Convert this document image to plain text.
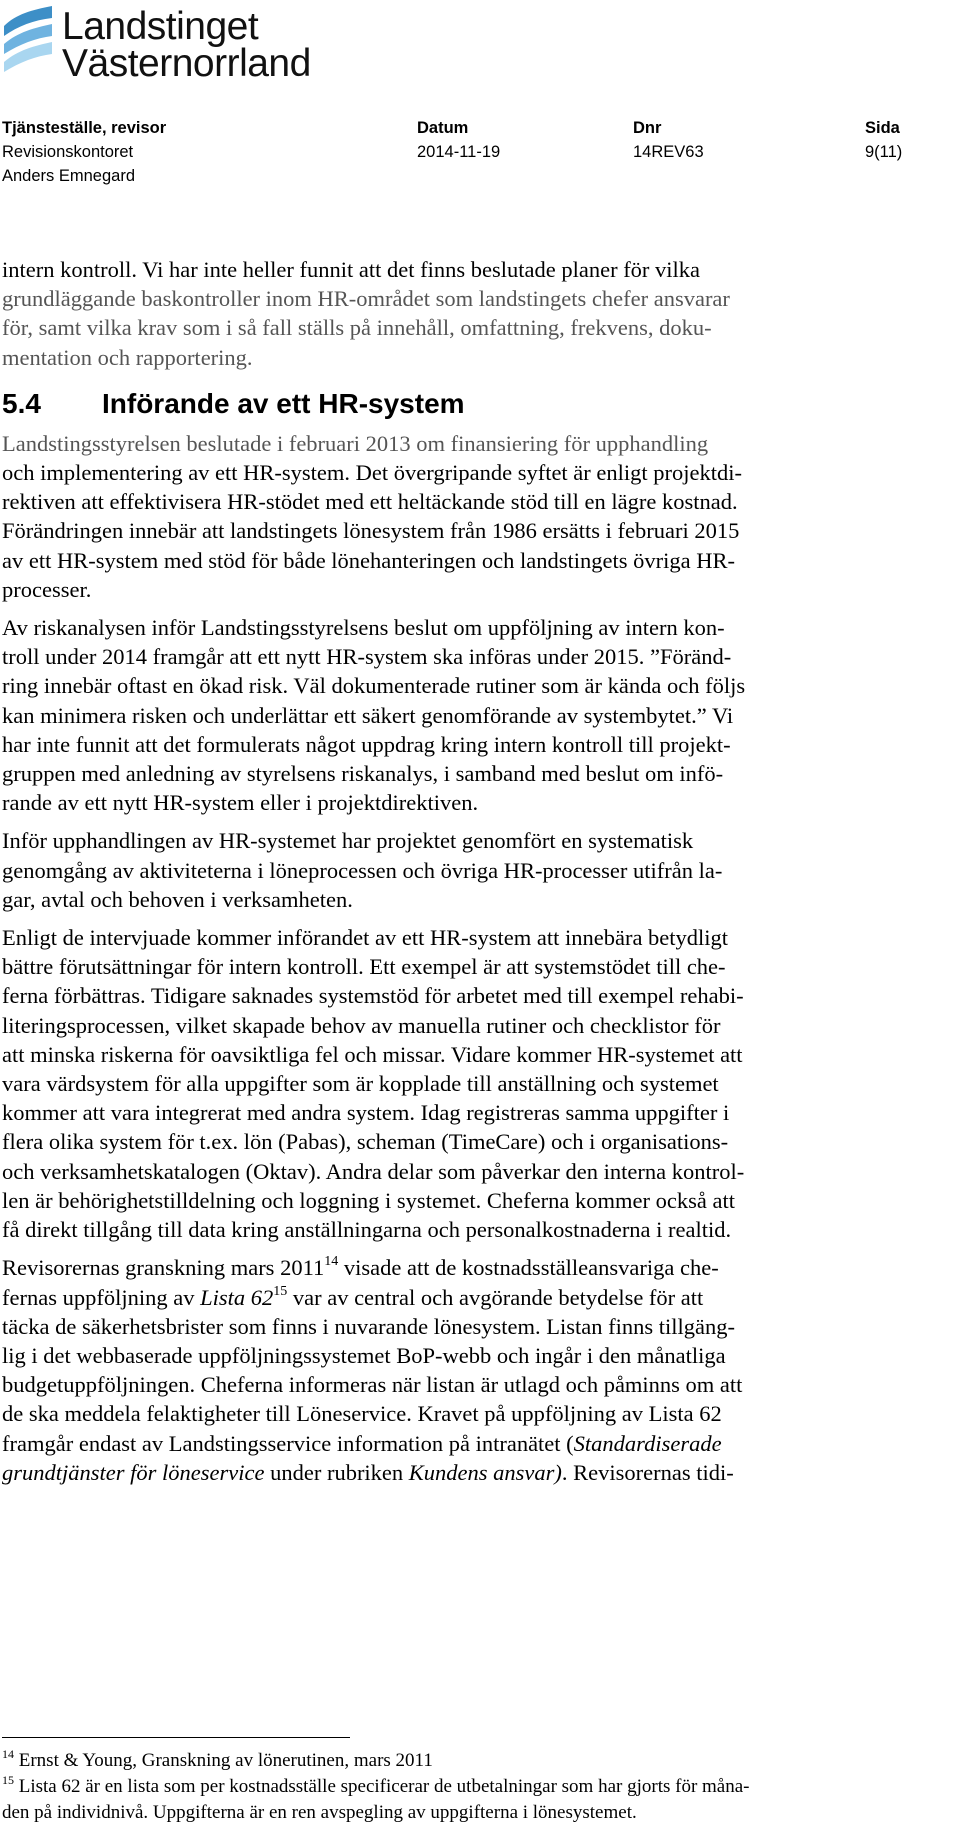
Landstinget
Västernorrland
Tjänsteställe, revisor
Revisionskontoret
Anders Emnegard
Datum
2014-11-19
Dnr
14REV63
Sida
9(11)

intern kontroll. Vi har inte heller funnit att det finns beslutade planer för vilka
grundläggande baskontroller inom HR-området som landstingets chefer ansvarar
för, samt vilka krav som i så fall ställs på innehåll, omfattning, frekvens, doku-
mentation och rapportering.

5.4	Införande av ett HR-system

Landstingsstyrelsen beslutade i februari 2013 om finansiering för upphandling
och implementering av ett HR-system. Det övergripande syftet är enligt projektdi-
rektiven att effektivisera HR-stödet med ett heltäckande stöd till en lägre kostnad.
Förändringen innebär att landstingets lönesystem från 1986 ersätts i februari 2015
av ett HR-system med stöd för både lönehanteringen och landstingets övriga HR-
processer.

Av riskanalysen inför Landstingsstyrelsens beslut om uppföljning av intern kon-
troll under 2014 framgår att ett nytt HR-system ska införas under 2015. ”Föränd-
ring innebär oftast en ökad risk. Väl dokumenterade rutiner som är kända och följs
kan minimera risken och underlättar ett säkert genomförande av systembytet.” Vi
har inte funnit att det formulerats något uppdrag kring intern kontroll till projekt-
gruppen med anledning av styrelsens riskanalys, i samband med beslut om infö-
rande av ett nytt HR-system eller i projektdirektiven.

Inför upphandlingen av HR-systemet har projektet genomfört en systematisk
genomgång av aktiviteterna i löneprocessen och övriga HR-processer utifrån la-
gar, avtal och behoven i verksamheten.

Enligt de intervjuade kommer införandet av ett HR-system att innebära betydligt
bättre förutsättningar för intern kontroll. Ett exempel är att systemstödet till che-
ferna förbättras. Tidigare saknades systemstöd för arbetet med till exempel rehabi-
literingsprocessen, vilket skapade behov av manuella rutiner och checklistor för
att minska riskerna för oavsiktliga fel och missar. Vidare kommer HR-systemet att
vara värdsystem för alla uppgifter som är kopplade till anställning och systemet
kommer att vara integrerat med andra system. Idag registreras samma uppgifter i
flera olika system för t.ex. lön (Pabas), scheman (TimeCare) och i organisations-
och verksamhetskatalogen (Oktav). Andra delar som påverkar den interna kontrol-
len är behörighetstilldelning och loggning i systemet. Cheferna kommer också att
få direkt tillgång till data kring anställningarna och personalkostnaderna i realtid.

Revisorernas granskning mars 2011$^{14}$ visade att de kostnadsställeansvariga che-
fernas uppföljning av Lista $62^{15}$ var av central och avgörande betydelse för att
täcka de säkerhetsbrister som finns i nuvarande lönesystem. Listan finns tillgäng-
lig i det webbaserade uppföljningssystemet BoP-webb och ingår i den månatliga
budgetuppföljningen. Cheferna informeras när listan är utlagd och påminns om att
de ska meddela felaktigheter till Löneservice. Kravet på uppföljning av Lista 62
framgår endast av Landstingsservice information på intranätet (Standardiserade
grundtjänster för löneservice under rubriken Kundens ansvar). Revisorernas tidi-

$^{14}$ Ernst & Young, Granskning av lönerutinen, mars 2011
$^{15}$ Lista 62 är en lista som per kostnadsställe specificerar de utbetalningar som har gjorts för måna-
den på individnivå. Uppgifterna är en ren avspegling av uppgifterna i lönesystemet.
